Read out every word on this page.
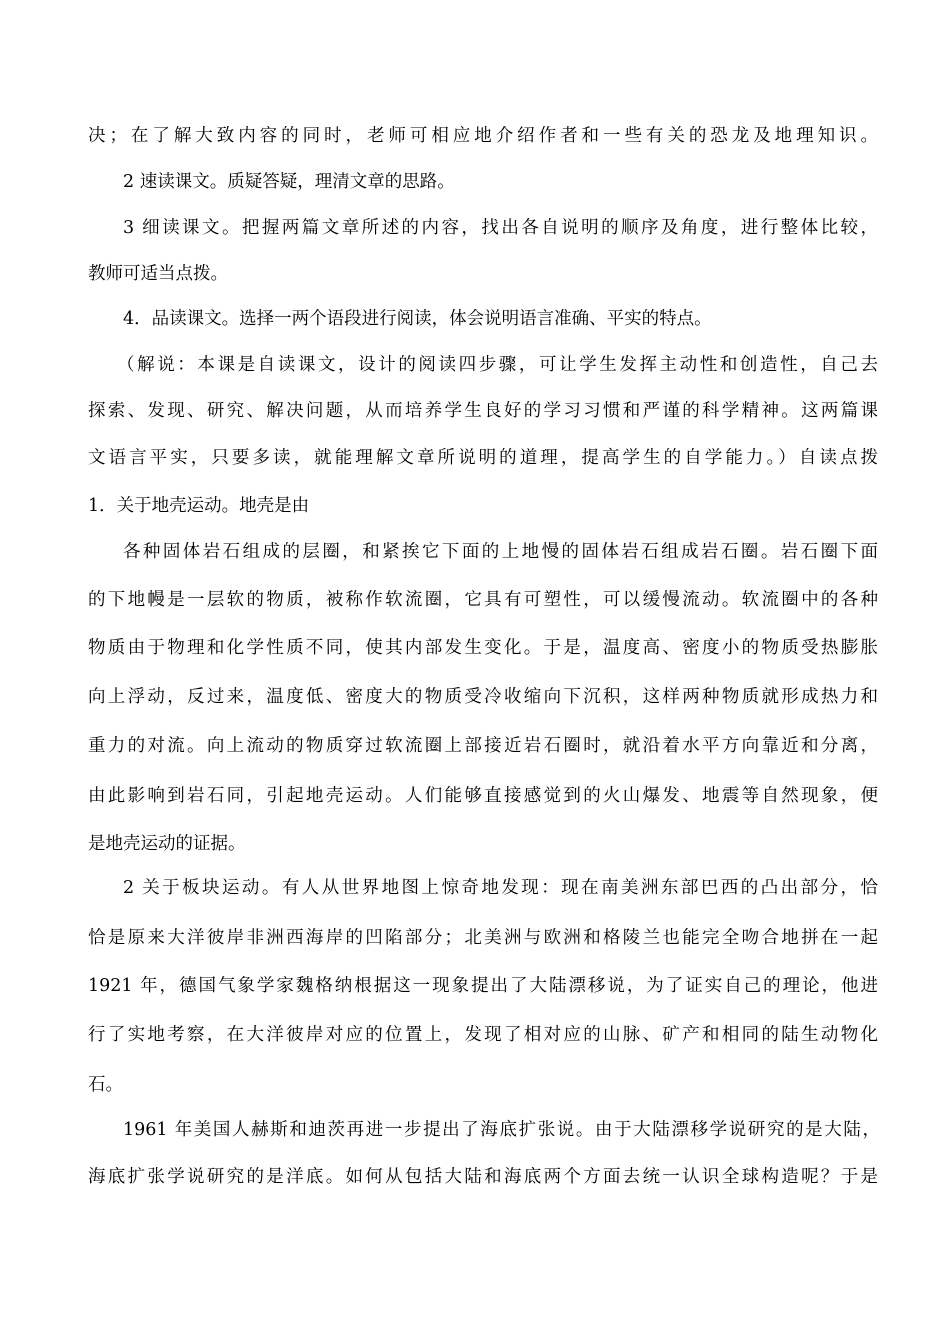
决；在了解大致内容的同时，老师可相应地介绍作者和一些有关的恐龙及地理知识。
2 速读课文。质疑答疑，理清文章的思路。
3 细读课文。把握两篇文章所述的内容，找出各自说明的顺序及角度，进行整体比较，
教师可适当点拨。
4．品读课文。选择一两个语段进行阅读，体会说明语言准确、平实的特点。
（解说：本课是自读课文，设计的阅读四步骤，可让学生发挥主动性和创造性，自己去
探索、发现、研究、解决问题，从而培养学生良好的学习习惯和严谨的科学精神。这两篇课
文语言平实，只要多读，就能理解文章所说明的道理，提高学生的自学能力。）自读点拨
1．关于地壳运动。地壳是由
各种固体岩石组成的层圈，和紧挨它下面的上地慢的固体岩石组成岩石圈。岩石圈下面
的下地幔是一层软的物质，被称作软流圈，它具有可塑性，可以缓慢流动。软流圈中的各种
物质由于物理和化学性质不同，使其内部发生变化。于是，温度高、密度小的物质受热膨胀
向上浮动，反过来，温度低、密度大的物质受冷收缩向下沉积，这样两种物质就形成热力和
重力的对流。向上流动的物质穿过软流圈上部接近岩石圈时，就沿着水平方向靠近和分离，
由此影响到岩石同，引起地壳运动。人们能够直接感觉到的火山爆发、地震等自然现象，便
是地壳运动的证据。
2 关于板块运动。有人从世界地图上惊奇地发现：现在南美洲东部巴西的凸出部分，恰
恰是原来大洋彼岸非洲西海岸的凹陷部分；北美洲与欧洲和格陵兰也能完全吻合地拼在一起
1921 年，德国气象学家魏格纳根据这一现象提出了大陆漂移说，为了证实自己的理论，他进
行了实地考察，在大洋彼岸对应的位置上，发现了相对应的山脉、矿产和相同的陆生动物化
石。
1961 年美国人赫斯和迪茨再进一步提出了海底扩张说。由于大陆漂移学说研究的是大陆，
海底扩张学说研究的是洋底。如何从包括大陆和海底两个方面去统一认识全球构造呢？于是
